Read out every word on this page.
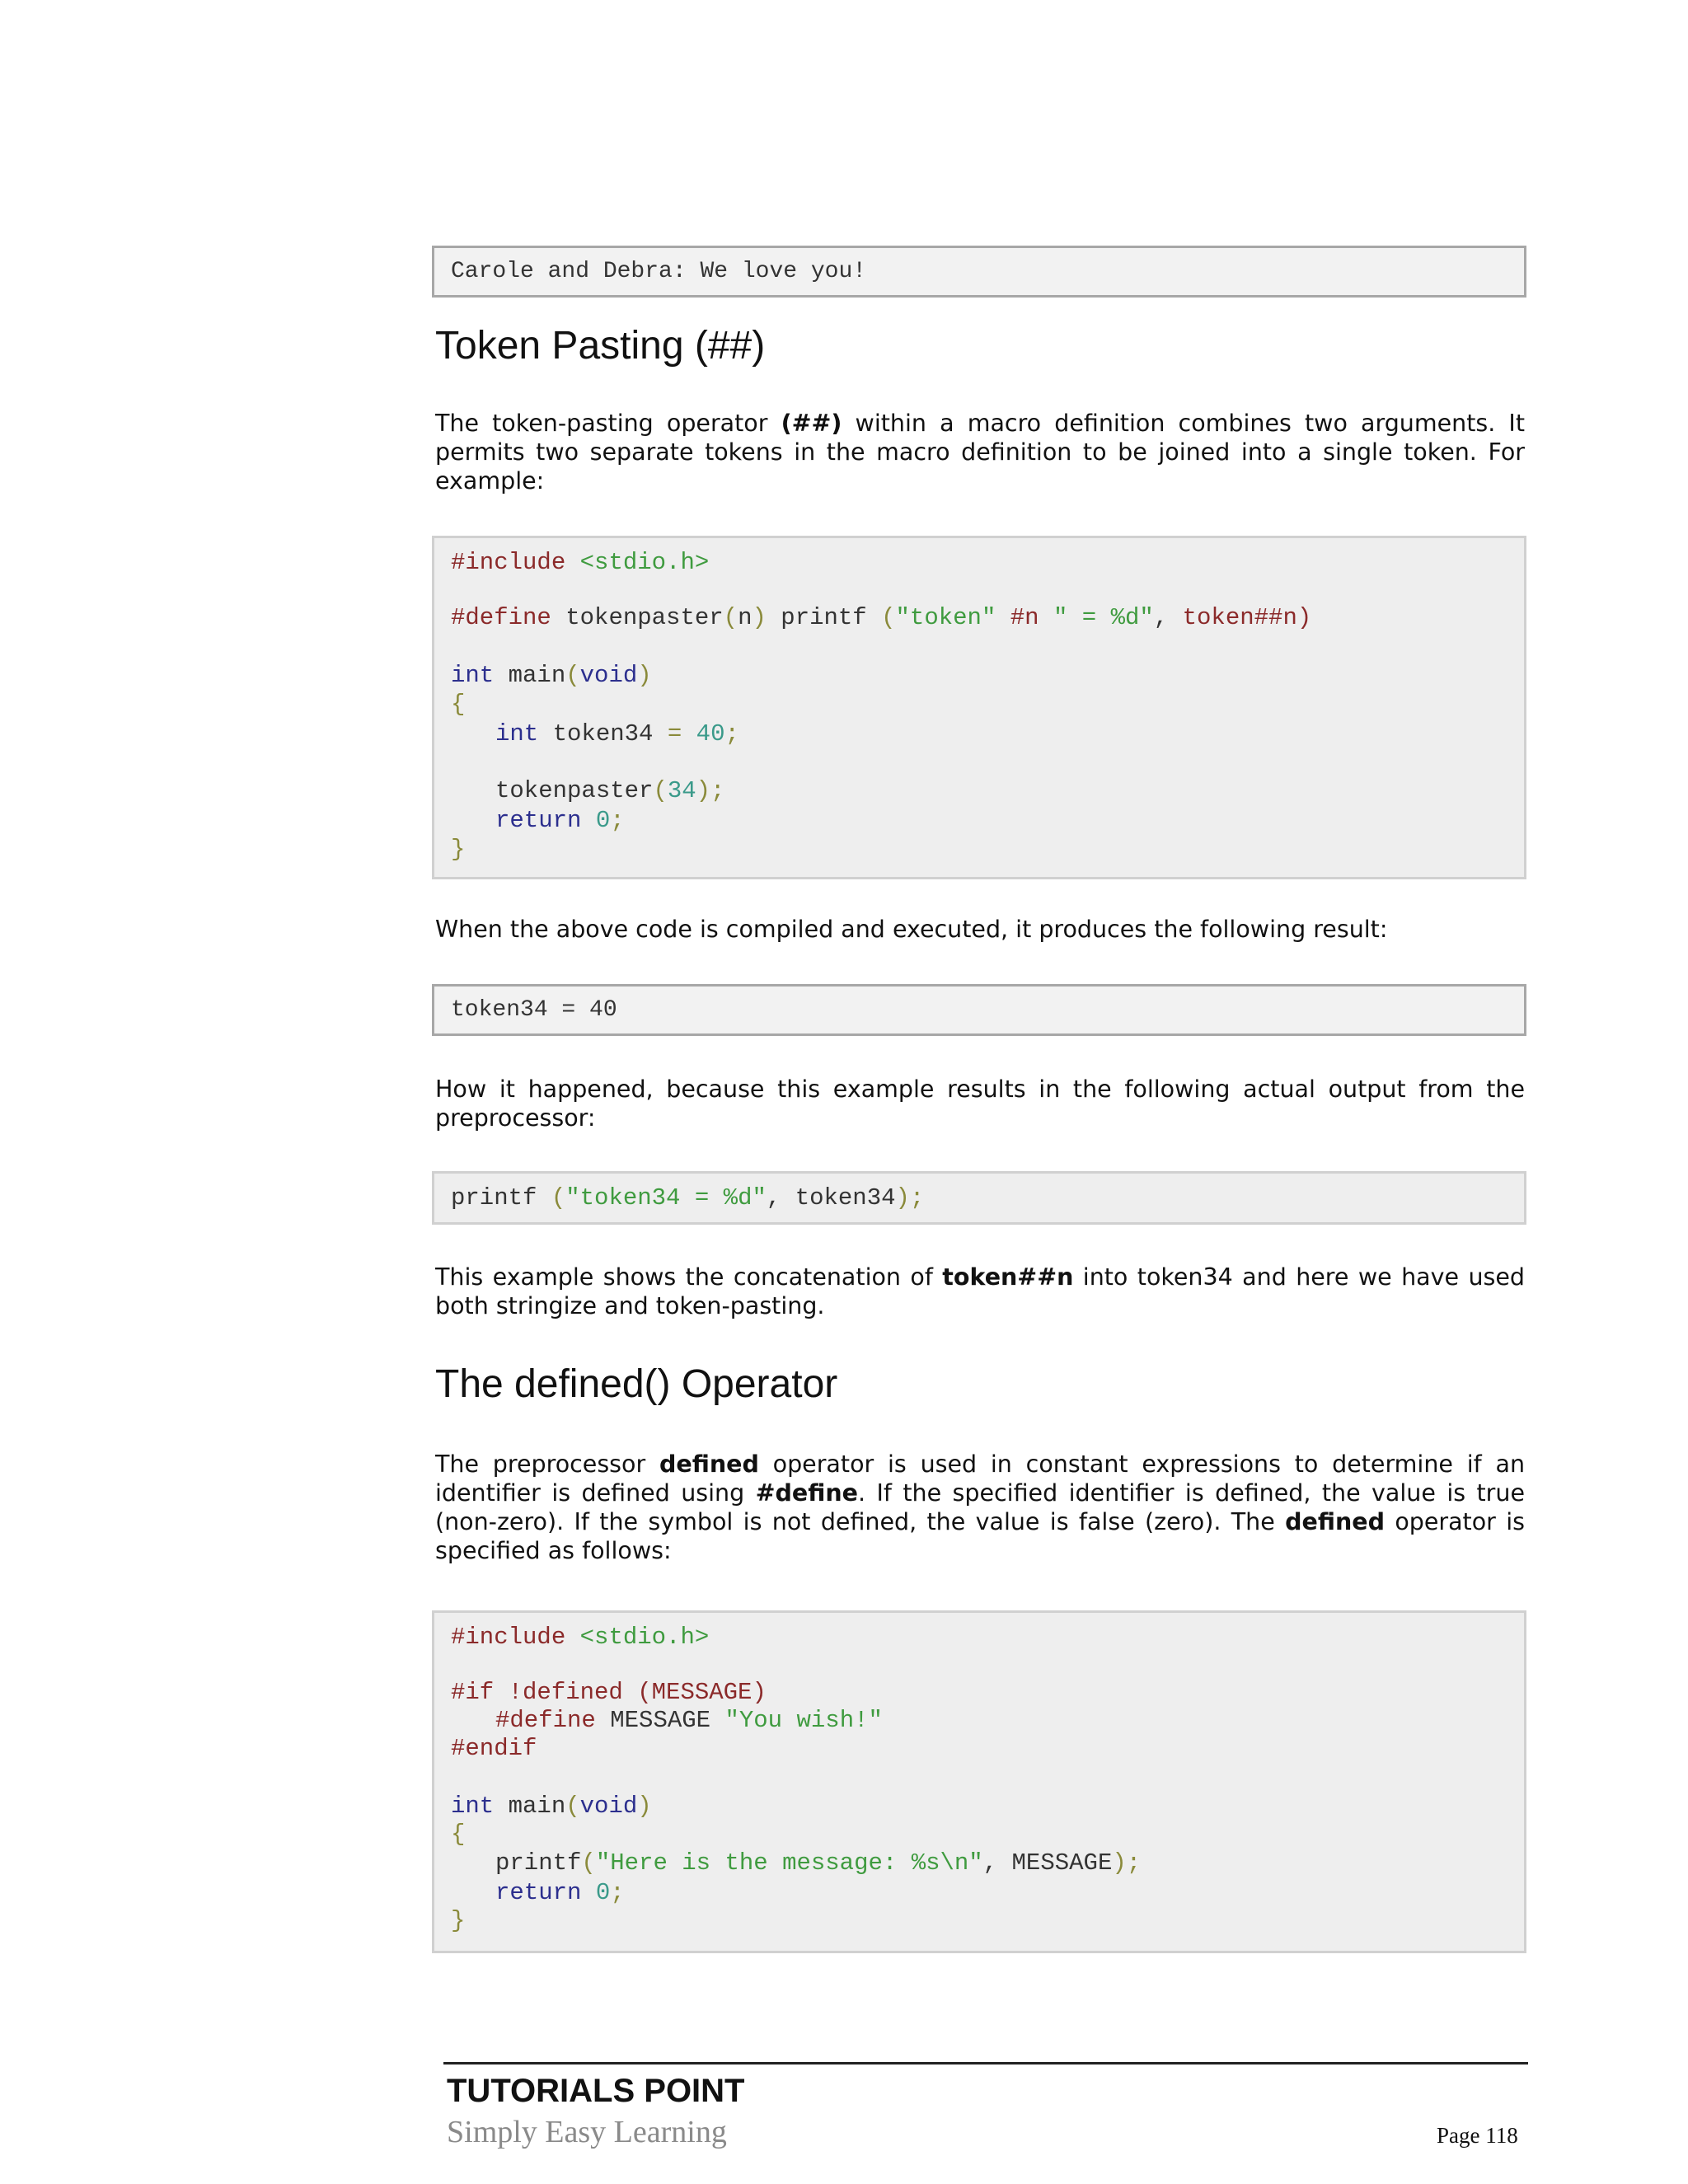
Carole and Debra: We love you!
Token Pasting (##)

The token-pasting operator (##) within a macro definition combines two arguments. It permits two separate tokens in the macro definition to be joined into a single token. For example:

#include <stdio.h>
#define tokenpaster(n) printf ("token" #n " = %d", token##n)
int main(void)
{
int token34 = 40;
tokenpaster(34);
return 0;
}

When the above code is compiled and executed, it produces the following result:

token34 = 40

How it happened, because this example results in the following actual output from the preprocessor:

printf ("token34 = %d", token34);

This example shows the concatenation of token##n into token34 and here we have used both stringize and token-pasting.

The defined() Operator

The preprocessor defined operator is used in constant expressions to determine if an identifier is defined using #define. If the specified identifier is defined, the value is true (non-zero). If the symbol is not defined, the value is false (zero). The defined operator is specified as follows:

#include <stdio.h>
#if !defined (MESSAGE)
#define MESSAGE "You wish!"
#endif
int main(void)
{
printf("Here is the message: %s\n", MESSAGE);
return 0;
}
TUTORIALS POINT
Simply Easy Learning	Page 118
